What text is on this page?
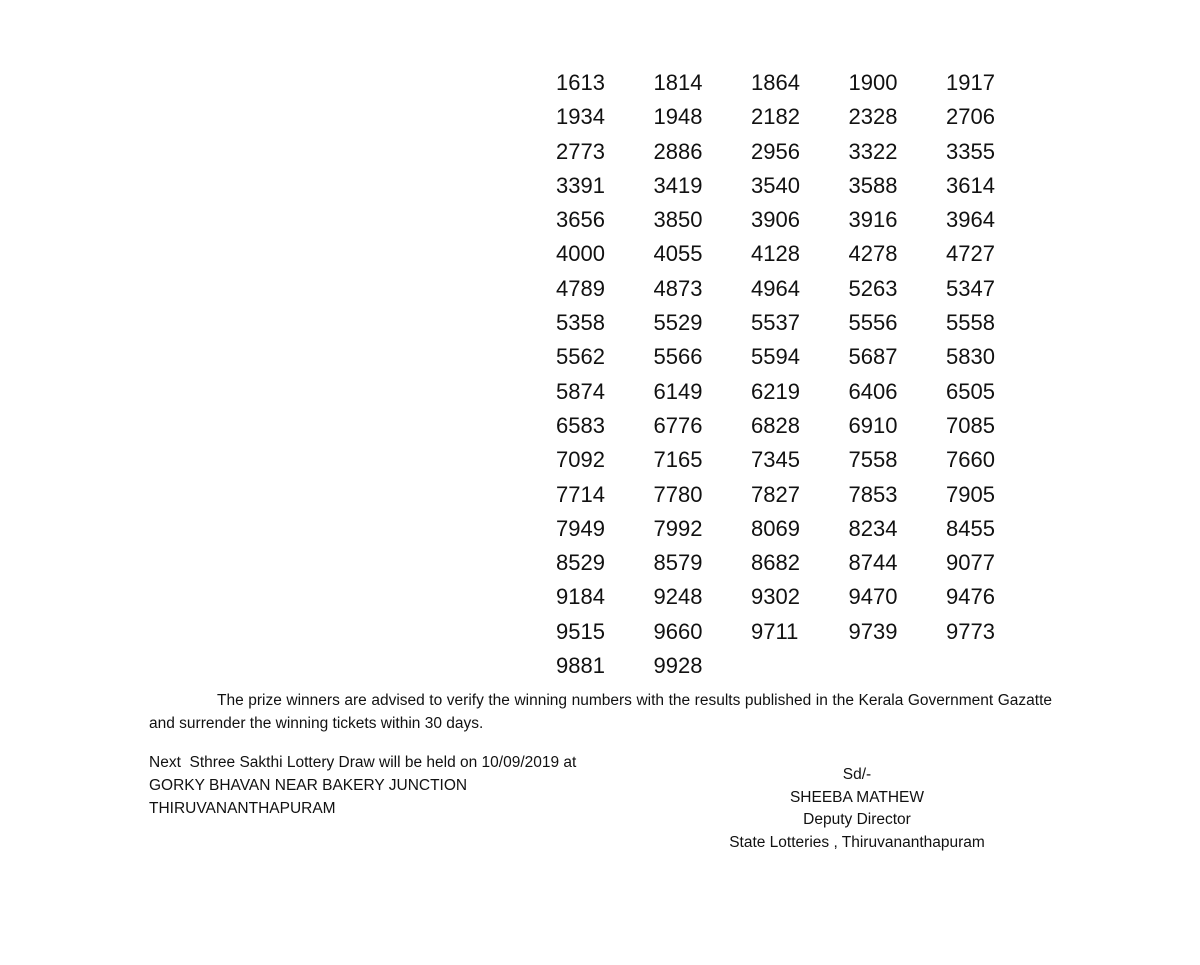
1613	1814	1864	1900	1917
1934	1948	2182	2328	2706
2773	2886	2956	3322	3355
3391	3419	3540	3588	3614
3656	3850	3906	3916	3964
4000	4055	4128	4278	4727
4789	4873	4964	5263	5347
5358	5529	5537	5556	5558
5562	5566	5594	5687	5830
5874	6149	6219	6406	6505
6583	6776	6828	6910	7085
7092	7165	7345	7558	7660
7714	7780	7827	7853	7905
7949	7992	8069	8234	8455
8529	8579	8682	8744	9077
9184	9248	9302	9470	9476
9515	9660	9711	9739	9773
9881	9928

The prize winners are advised to verify the winning numbers with the results published in the Kerala Government Gazatte and surrender the winning tickets within 30 days.

Next  Sthree Sakthi Lottery Draw will be held on 10/09/2019 at
GORKY BHAVAN NEAR BAKERY JUNCTION
THIRUVANANTHAPURAM
Sd/-
SHEEBA MATHEW
Deputy Director
State Lotteries , Thiruvananthapuram
